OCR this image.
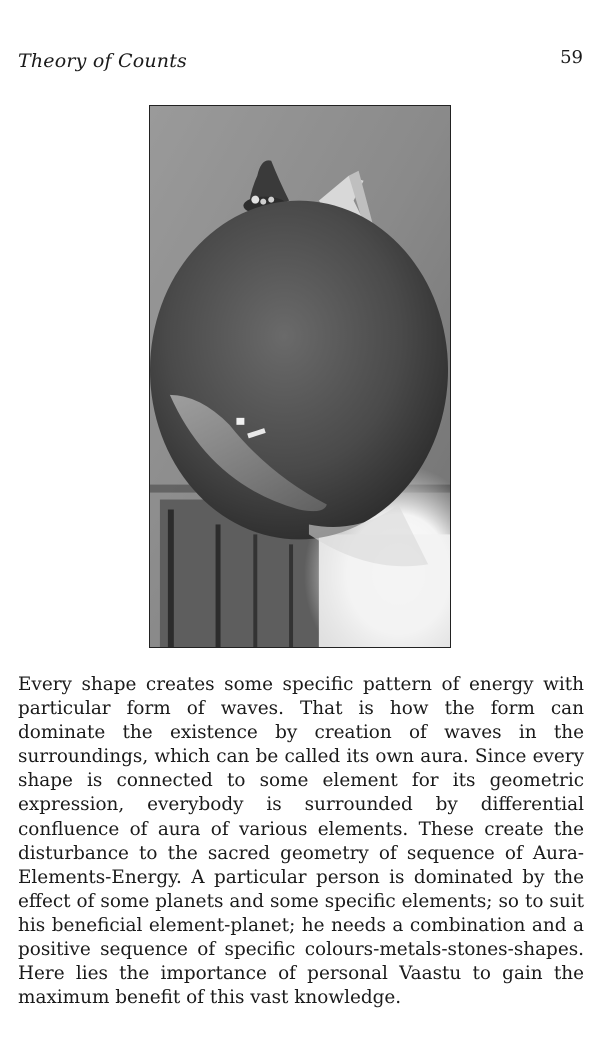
Theory of Counts	59

Every shape creates some specific pattern of energy with particular form of waves. That is how the form can dominate the existence by creation of waves in the surroundings, which can be called its own aura. Since every shape is connected to some element for its geometric expression, everybody is surrounded by differential confluence of aura of various elements. These create the disturbance to the sacred geometry of sequence of Aura-Elements-Energy. A particular person is dominated by the effect of some planets and some specific elements; so to suit his beneficial element-planet; he needs a combination and a positive sequence of specific colours-metals-stones-shapes. Here lies the importance of personal Vaastu to gain the maximum benefit of this vast knowledge.
